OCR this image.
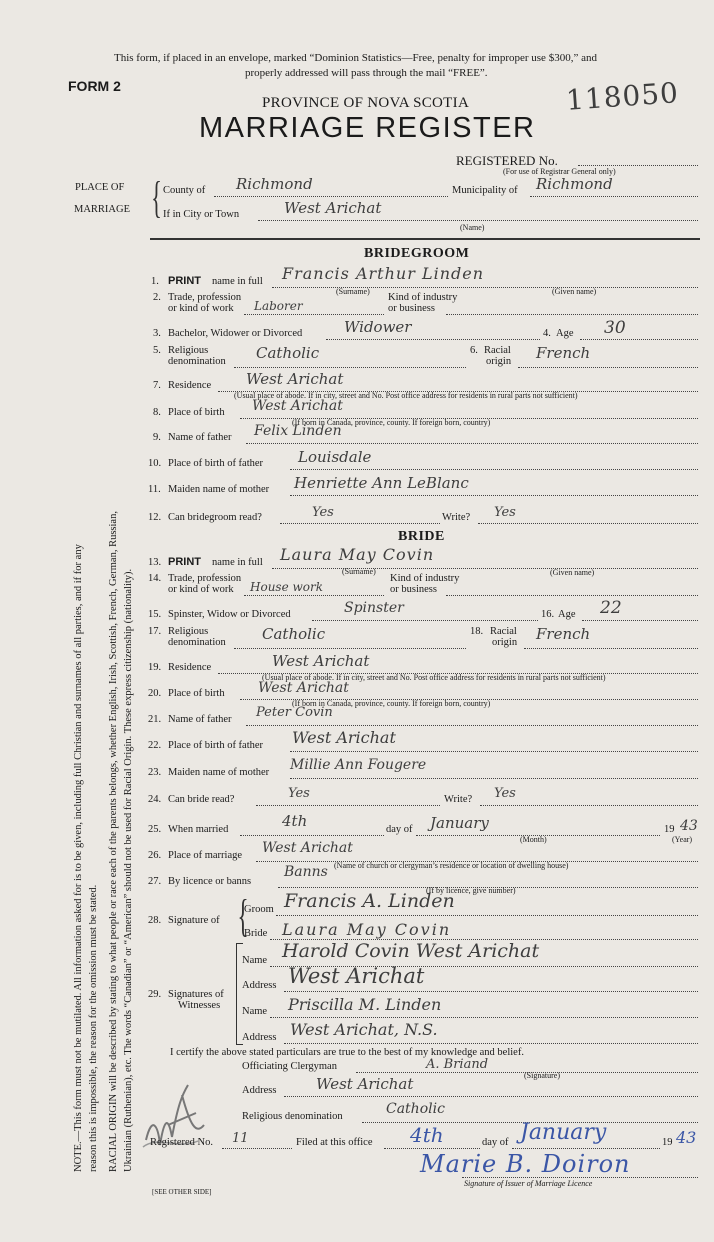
This form, if placed in an envelope, marked “Dominion Statistics—Free, penalty for improper use $300,” and
properly addressed will pass through the mail “FREE”.
FORM 2	118050
PROVINCE OF NOVA SCOTIA
MARRIAGE REGISTER
REGISTERED No.
(For use of Registrar General only)
PLACE OF
MARRIAGE { County of Richmond	Municipality of Richmond
If in City or Town	West Arichat
(Name)
NOTE.—This form must not be mutilated. All information asked for is to be given, including full Christian and surnames of all parties, and if for any reason this is impossible, the reason for the omission must be stated. RACIAL ORIGIN will be described by stating to what people or race each of the parents belongs, whether English, Irish, Scottish, French, German, Russian, Ukrainian (Ruthenian), etc. The words “Canadian” or “American” should not be used for Racial Origin. These express citizenship (nationality).
BRIDEGROOM
1. PRINT name in full Francis Arthur Linden
(Surname)	(Given name)
2. Trade, profession
or kind of work Laborer
Kind of industry
or business
3. Bachelor, Widower or Divorced	Widower	4. Age 30
5. Religious
denomination Catholic	6. Racial
origin French
7. Residence West Arichat
(Usual place of abode. If in city, street and No. Post office address for residents in rural parts not sufficient)
8. Place of birth West Arichat
(If born in Canada, province, county. If foreign born, country)
9. Name of father Felix Linden
10. Place of birth of father Louisdale
11. Maiden name of mother Henriette Ann LeBlanc
12. Can bridegroom read?	Yes	Write? Yes
BRIDE
13. PRINT name in full Laura May Covin
(Surname)	(Given name)
14. Trade, profession
or kind of work House work
Kind of industry
or business
15. Spinster, Widow or Divorced	Spinster	16. Age 22
17. Religious
denomination Catholic	18. Racial
origin French
19. Residence	West Arichat
(Usual place of abode. If in city, street and No. Post office address for residents in rural parts not sufficient)
20. Place of birth West Arichat
(If born in Canada, province, county. If foreign born, country)
21. Name of father Peter Covin
22. Place of birth of father West Arichat
23. Maiden name of mother Millie Ann Fougere
24. Can bride read?	Yes	Write? Yes
25. When married	4th	day of January
(Month)
19 43
(Year)
26. Place of marriage West Arichat
(Name of church or clergyman’s residence or location of dwelling house)
27. By licence or banns
Banns
(If by licence, give number)
28. Signature of {
Groom Francis A. Linden
Bride Laura May Covin
29. Signatures of
Witnesses
Name Harold Covin West Arichat
Address West Arichat
Name Priscilla M. Linden
Address West Arichat, N.S.
I certify the above stated particulars are true to the best of my knowledge and belief.
Officiating Clergyman	A. Briand
(Signature)
Address	West Arichat
Religious denomination	Catholic
Registered No. 11	Filed at this office 4th	day of January	19 43
Marie B. Doiron
Signature of Issuer of Marriage Licence
[SEE OTHER SIDE]
